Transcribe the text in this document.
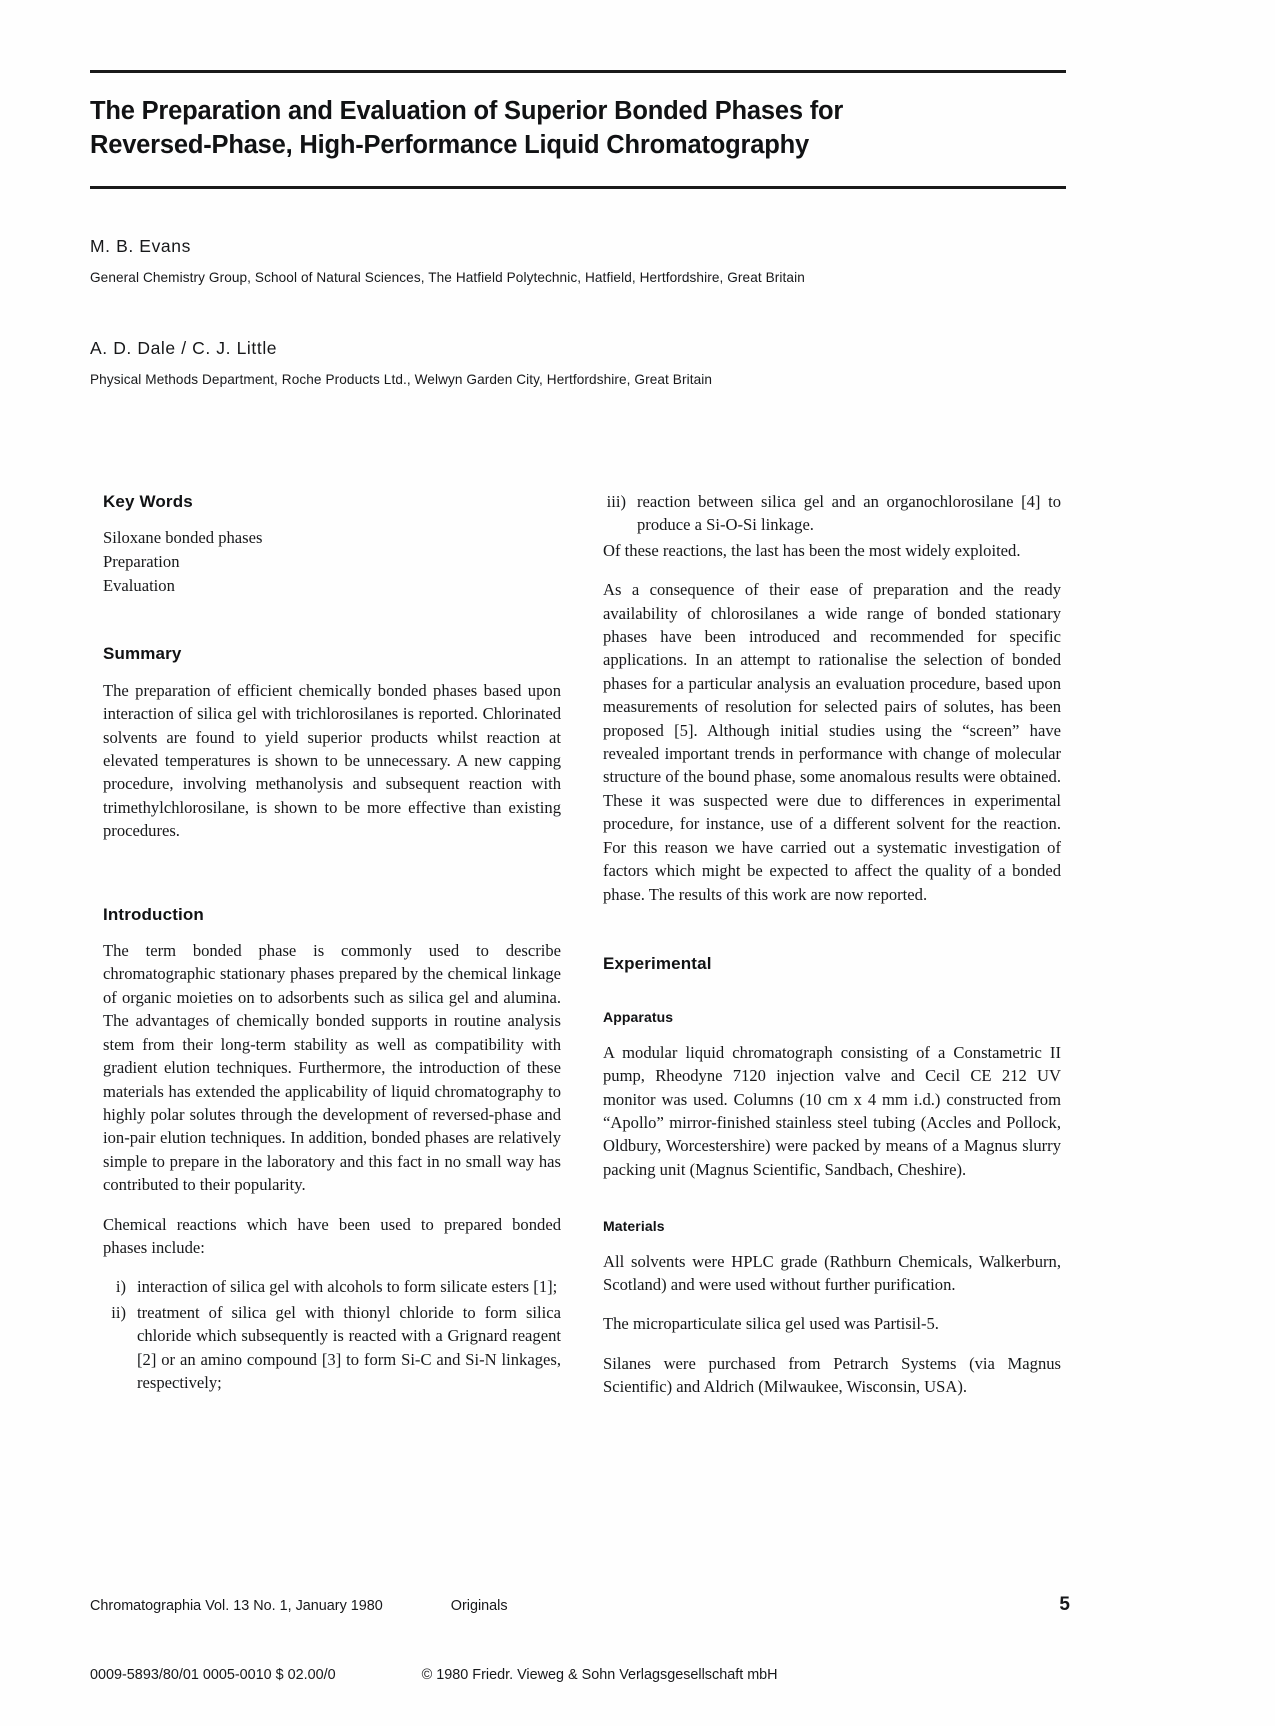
The Preparation and Evaluation of Superior Bonded Phases for
Reversed-Phase, High-Performance Liquid Chromatography
M. B. Evans
General Chemistry Group, School of Natural Sciences, The Hatfield Polytechnic, Hatfield, Hertfordshire, Great Britain
A. D. Dale / C. J. Little
Physical Methods Department, Roche Products Ltd., Welwyn Garden City, Hertfordshire, Great Britain
Key Words

Siloxane bonded phases

Preparation

Evaluation

Summary

The preparation of efficient chemically bonded phases based upon interaction of silica gel with trichlorosilanes is reported. Chlorinated solvents are found to yield superior products whilst reaction at elevated temperatures is shown to be unnecessary. A new capping procedure, involving methanolysis and subsequent reaction with trimethylchlorosilane, is shown to be more effective than existing procedures.

Introduction

The term bonded phase is commonly used to describe chromatographic stationary phases prepared by the chemical linkage of organic moieties on to adsorbents such as silica gel and alumina. The advantages of chemically bonded supports in routine analysis stem from their long-term stability as well as compatibility with gradient elution techniques. Furthermore, the introduction of these materials has extended the applicability of liquid chromatography to highly polar solutes through the development of reversed-phase and ion-pair elution techniques. In addition, bonded phases are relatively simple to prepare in the laboratory and this fact in no small way has contributed to their popularity.

Chemical reactions which have been used to prepared bonded phases include:

i) interaction of silica gel with alcohols to form silicate esters [1];
ii) treatment of silica gel with thionyl chloride to form silica chloride which subsequently is reacted with a Grignard reagent [2] or an amino compound [3] to form Si-C and Si-N linkages, respectively;
iii) reaction between silica gel and an organochlorosilane [4] to produce a Si-O-Si linkage.

Of these reactions, the last has been the most widely exploited.

As a consequence of their ease of preparation and the ready availability of chlorosilanes a wide range of bonded stationary phases have been introduced and recommended for specific applications. In an attempt to rationalise the selection of bonded phases for a particular analysis an evaluation procedure, based upon measurements of resolution for selected pairs of solutes, has been proposed [5]. Although initial studies using the “screen” have revealed important trends in performance with change of molecular structure of the bound phase, some anomalous results were obtained. These it was suspected were due to differences in experimental procedure, for instance, use of a different solvent for the reaction. For this reason we have carried out a systematic investigation of factors which might be expected to affect the quality of a bonded phase. The results of this work are now reported.

Experimental
Apparatus

A modular liquid chromatograph consisting of a Constametric II pump, Rheodyne 7120 injection valve and Cecil CE 212 UV monitor was used. Columns (10 cm x 4 mm i.d.) constructed from “Apollo” mirror-finished stainless steel tubing (Accles and Pollock, Oldbury, Worcestershire) were packed by means of a Magnus slurry packing unit (Magnus Scientific, Sandbach, Cheshire).

Materials

All solvents were HPLC grade (Rathburn Chemicals, Walkerburn, Scotland) and were used without further purification.

The microparticulate silica gel used was Partisil-5.

Silanes were purchased from Petrarch Systems (via Magnus Scientific) and Aldrich (Milwaukee, Wisconsin, USA).

Chromatographia Vol. 13 No. 1, January 1980	Originals	5
0009-5893/80/01 0005-0010 $ 02.00/0	© 1980 Friedr. Vieweg & Sohn Verlagsgesellschaft mbH
